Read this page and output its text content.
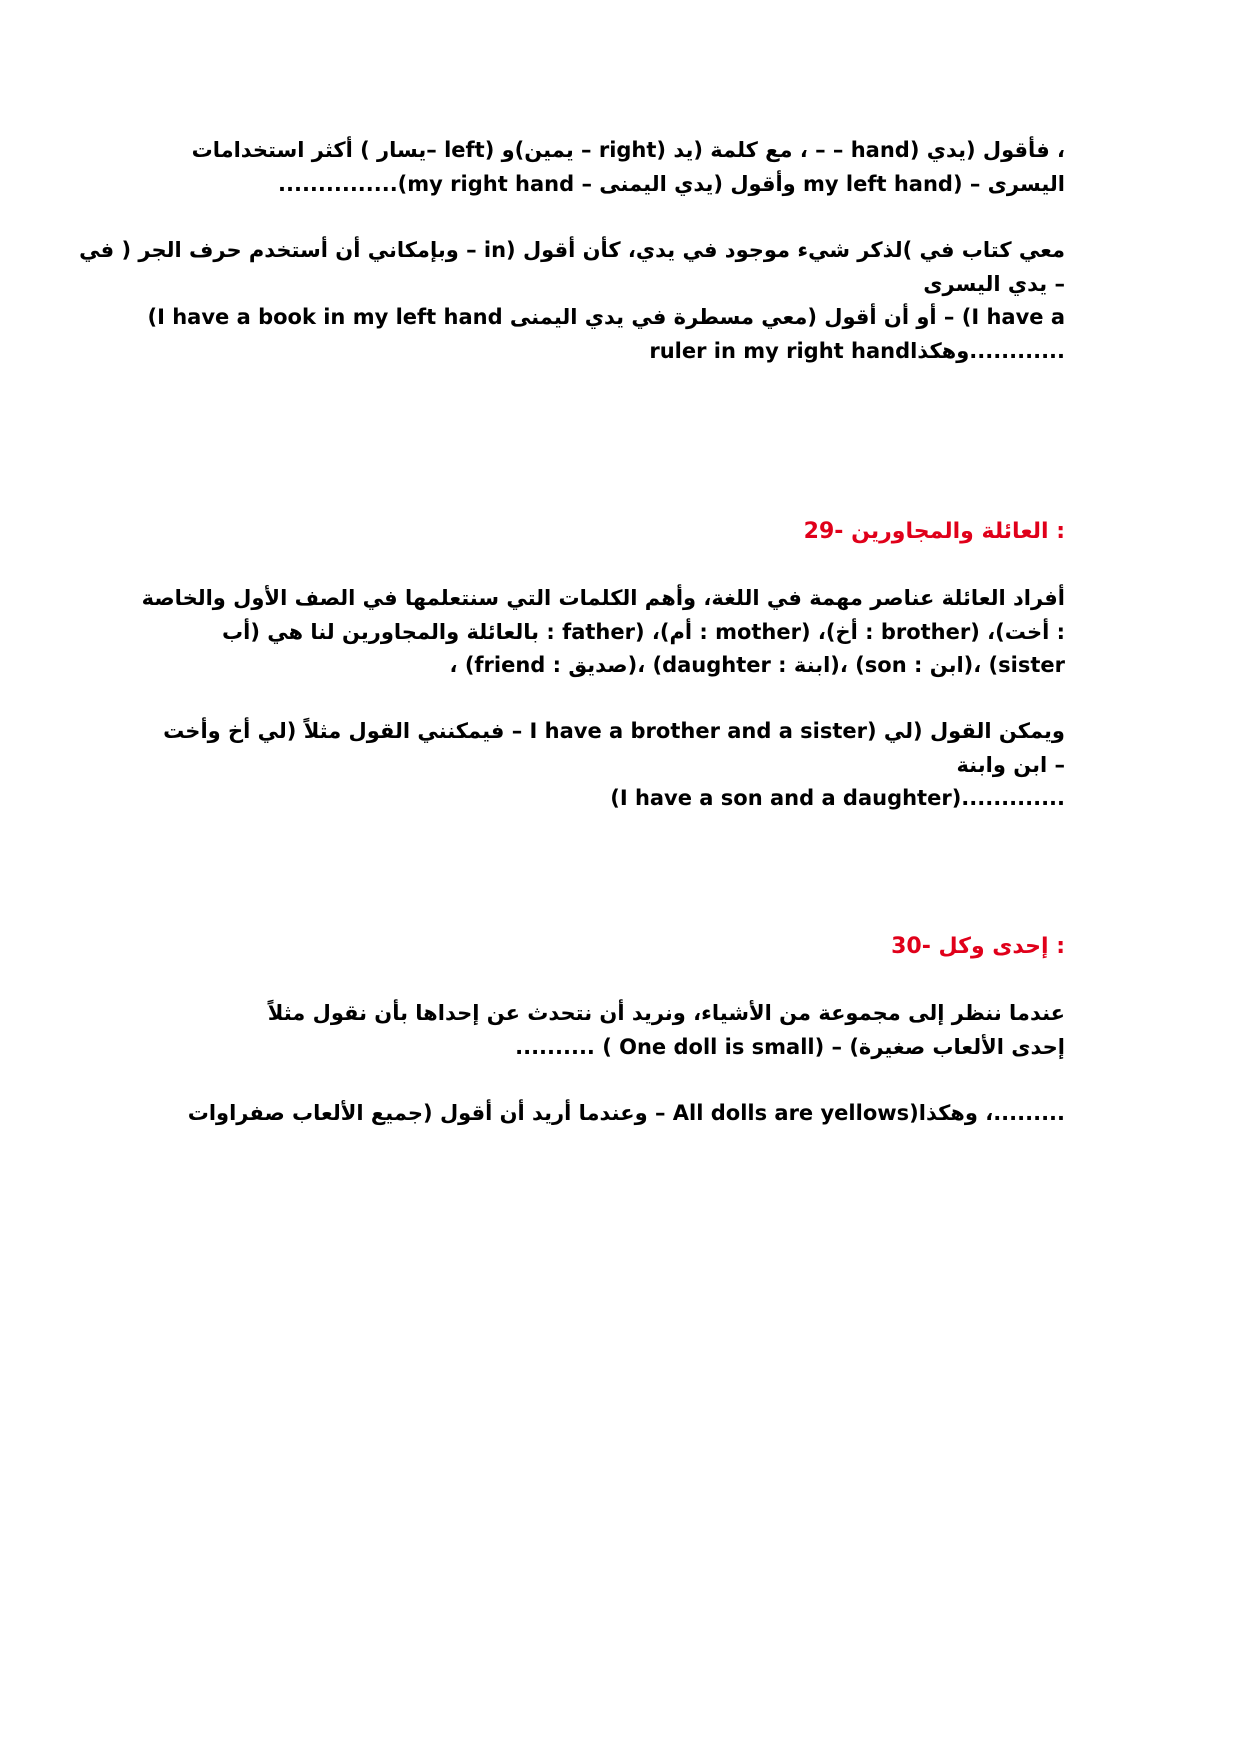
، فأقول (يدي (hand – – ، مع كلمة (يد (right – يمين)و (left –يسار ) أكثر استخدامات
اليسرى – (my left hand وأقول (يدي اليمنى – my right hand)...............
معي كتاب في )لذكر شيء موجود في يدي، كأن أقول (in – وبإمكاني أن أستخدم حرف الجر ( في
– يدي اليسرى
(I have a book in my left hand أو أن أقول (معي مسطرة في يدي اليمنى – (I have a
ruler in my right handوهكذا............
: العائلة والمجاورين -29
أفراد العائلة عناصر مهمة في اللغة، وأهم الكلمات التي سنتعلمها في الصف الأول والخاصة
: أخت)، (brother : أخ)، (mother : أم)، (father : بالعائلة والمجاورين لنا هي (أب
، (friend : صديق)، (daughter : ابنة)، (son : ابن)، (sister
ويمكن القول (لي (I have a brother and a sister – فيمكنني القول مثلاً (لي أخ وأخت
– ابن وابنة
(I have a son and a daughter).............
: إحدى وكل -30
عندما ننظر إلى مجموعة من الأشياء، ونريد أن نتحدث عن إحداها بأن نقول مثلاً
إحدى الألعاب صغيرة) – (One doll is small ) ..........
.........، وهكذا(All dolls are yellows – وعندما أريد أن أقول (جميع الألعاب صفراوات
